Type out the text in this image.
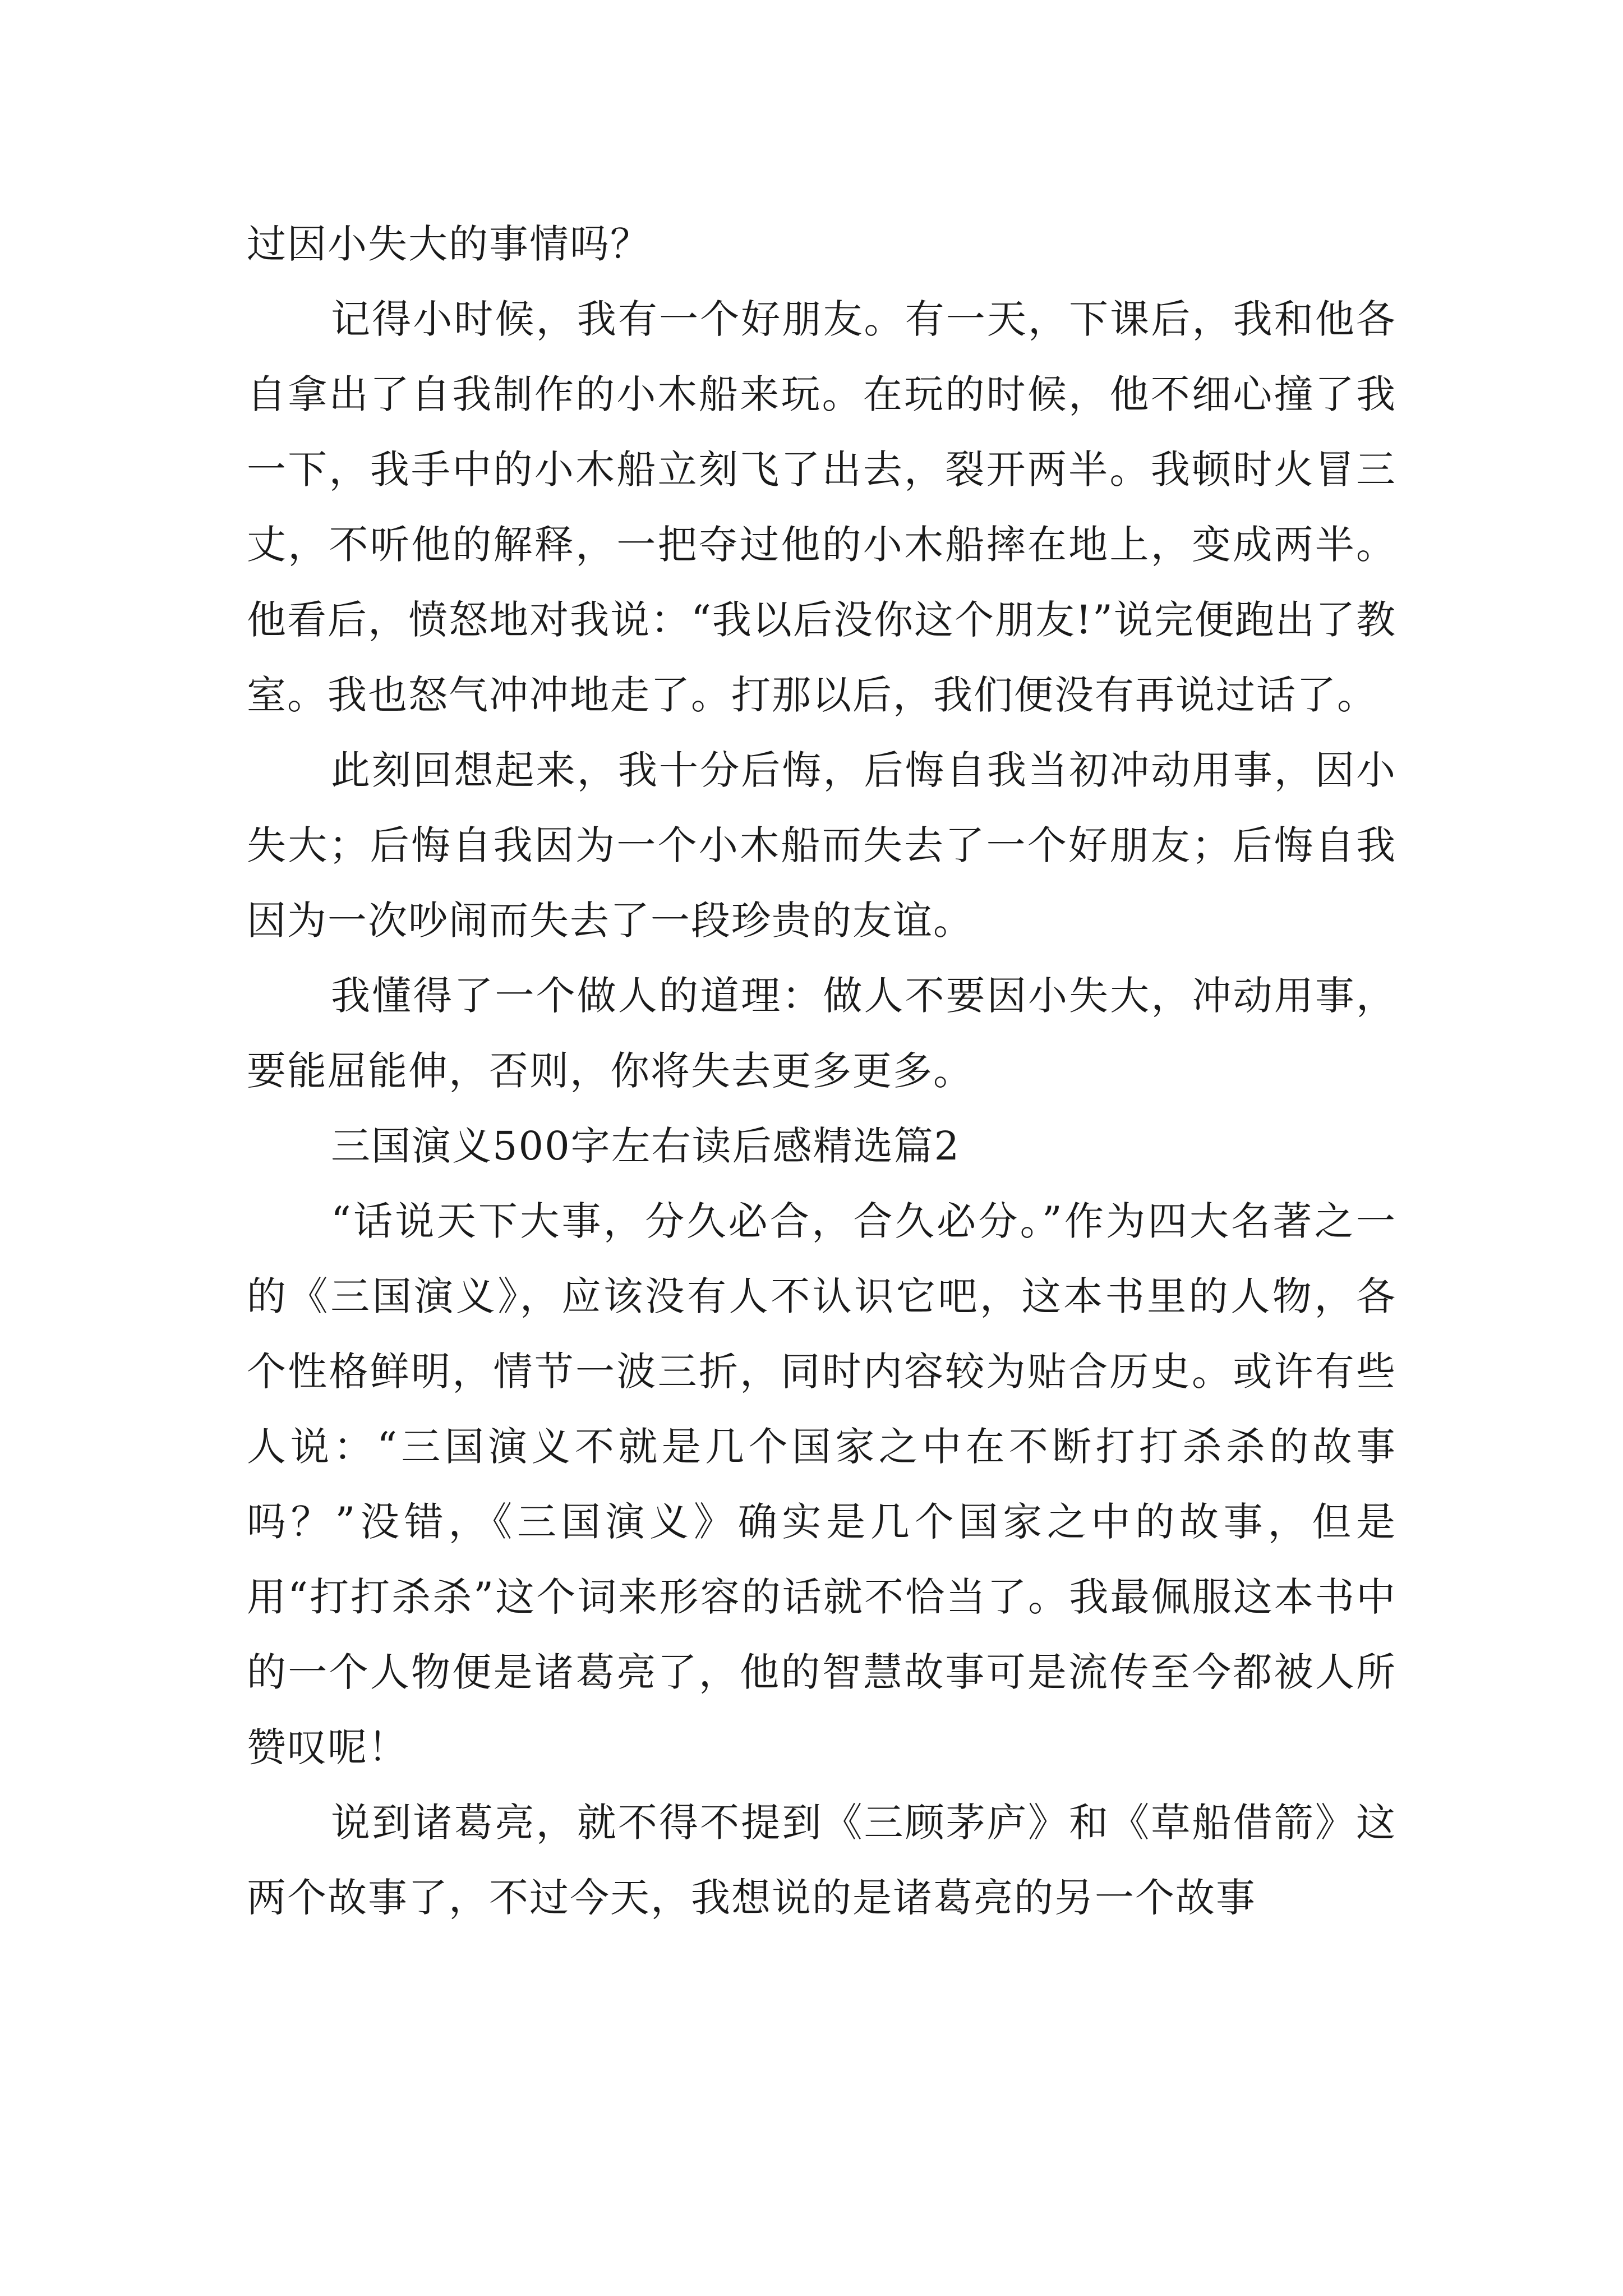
过因小失大的事情吗？

记得小时候，我有一个好朋友。有一天，下课后，我和他各自拿出了自我制作的小木船来玩。在玩的时候，他不细心撞了我一下，我手中的小木船立刻飞了出去，裂开两半。我顿时火冒三丈，不听他的解释，一把夺过他的小木船摔在地上，变成两半。他看后，愤怒地对我说：“我以后没你这个朋友!”说完便跑出了教室。我也怒气冲冲地走了。打那以后，我们便没有再说过话了。

此刻回想起来，我十分后悔，后悔自我当初冲动用事，因小失大；后悔自我因为一个小木船而失去了一个好朋友；后悔自我因为一次吵闹而失去了一段珍贵的友谊。

我懂得了一个做人的道理：做人不要因小失大，冲动用事，要能屈能伸，否则，你将失去更多更多。

三国演义500字左右读后感精选篇2

“话说天下大事，分久必合，合久必分。”作为四大名著之一的《三国演义》，应该没有人不认识它吧，这本书里的人物，各个性格鲜明，情节一波三折，同时内容较为贴合历史。或许有些人说：“三国演义不就是几个国家之中在不断打打杀杀的故事吗？”没错，《三国演义》确实是几个国家之中的故事，但是用“打打杀杀”这个词来形容的话就不恰当了。我最佩服这本书中的一个人物便是诸葛亮了，他的智慧故事可是流传至今都被人所赞叹呢！

说到诸葛亮，就不得不提到《三顾茅庐》和《草船借箭》这两个故事了，不过今天，我想说的是诸葛亮的另一个故事
